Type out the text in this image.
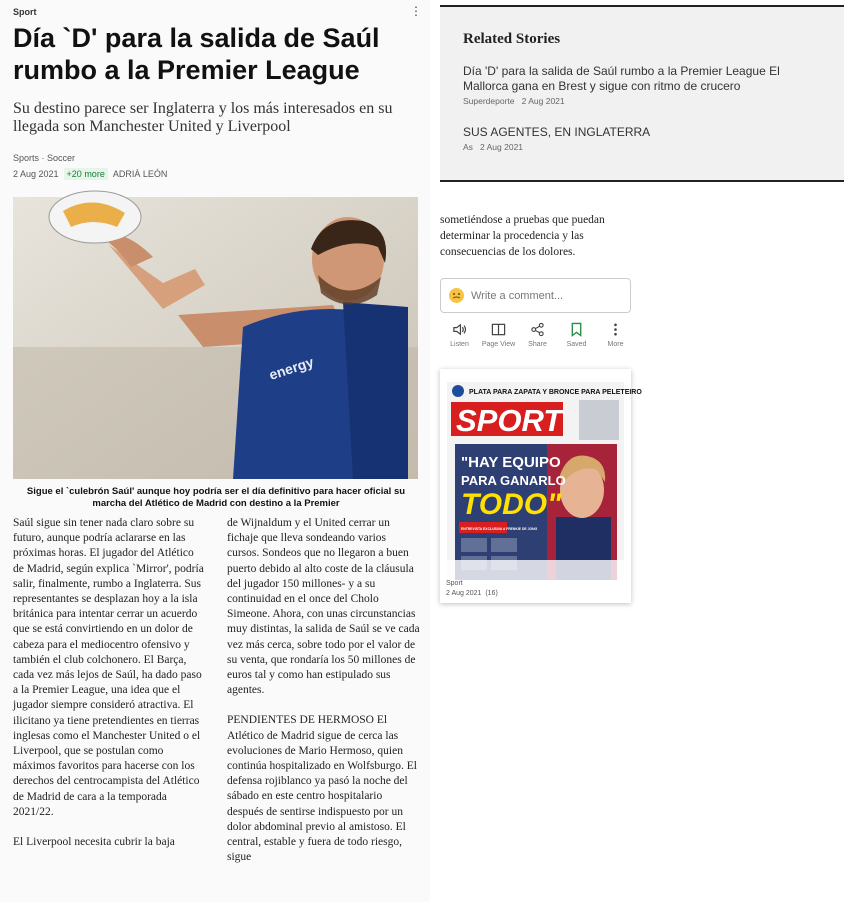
Sport	⋮
Día `D' para la salida de Saúl rumbo a la Premier League
Su destino parece ser Inglaterra y los más interesados en su llegada son Manchester United y Liverpool
Sports · Soccer
2 Aug 2021 +20 more ADRIÀ LEÓN
energy
Sigue el `culebrón Saúl' aunque hoy podría ser el día definitivo para hacer oficial su marcha del Atlético de Madrid con destino a la Premier

Saúl sigue sin tener nada claro sobre su futuro, aunque podría aclararse en las próximas horas. El jugador del Atlético de Madrid, según explica `Mirror', podría salir, finalmente, rumbo a Inglaterra. Sus representantes se desplazan hoy a la isla británica para intentar cerrar un acuerdo que se está convirtiendo en un dolor de cabeza para el mediocentro ofensivo y también el club colchonero. El Barça, cada vez más lejos de Saúl, ha dado paso a la Premier League, una idea que el jugador siempre consideró atractiva. El ilicitano ya tiene pretendientes en tierras inglesas como el Manchester United o el Liverpool, que se postulan como máximos favoritos para hacerse con los derechos del centrocampista del Atlético de Madrid de cara a la temporada 2021/22.

El Liverpool necesita cubrir la baja

de Wijnaldum y el United cerrar un fichaje que lleva sondeando varios cursos. Sondeos que no llegaron a buen puerto debido al alto coste de la cláusula del jugador 150 millones- y a su continuidad en el once del Cholo Simeone. Ahora, con unas circunstancias muy distintas, la salida de Saúl se ve cada vez más cerca, sobre todo por el valor de su venta, que rondaría los 50 millones de euros tal y como han estipulado sus agentes.

PENDIENTES DE HERMOSO El Atlético de Madrid sigue de cerca las evoluciones de Mario Hermoso, quien continúa hospitalizado en Wolfsburgo. El defensa rojiblanco ya pasó la noche del sábado en este centro hospitalario después de sentirse indispuesto por un dolor abdominal previo al amistoso. El central, estable y fuera de todo riesgo, sigue

Related Stories
Día 'D' para la salida de Saúl rumbo a la Premier League El Mallorca gana en Brest y sigue con ritmo de crucero
Superdeporte 2 Aug 2021
SUS AGENTES, EN INGLATERRA
As 2 Aug 2021
sometiéndose a pruebas que puedan determinar la procedencia y las consecuencias de los dolores.
Write a comment...
Listen Page View Share	Saved	More
PLATA PARA ZAPATA Y BRONCE PARA PELETEIRO
SPORT
"HAY EQUIPO
PARA GANARLO
TODO"
ENTREVISTA EXCLUSIVA A FRENKIE DE JONG
Sport
2 Aug 2021 (16)
